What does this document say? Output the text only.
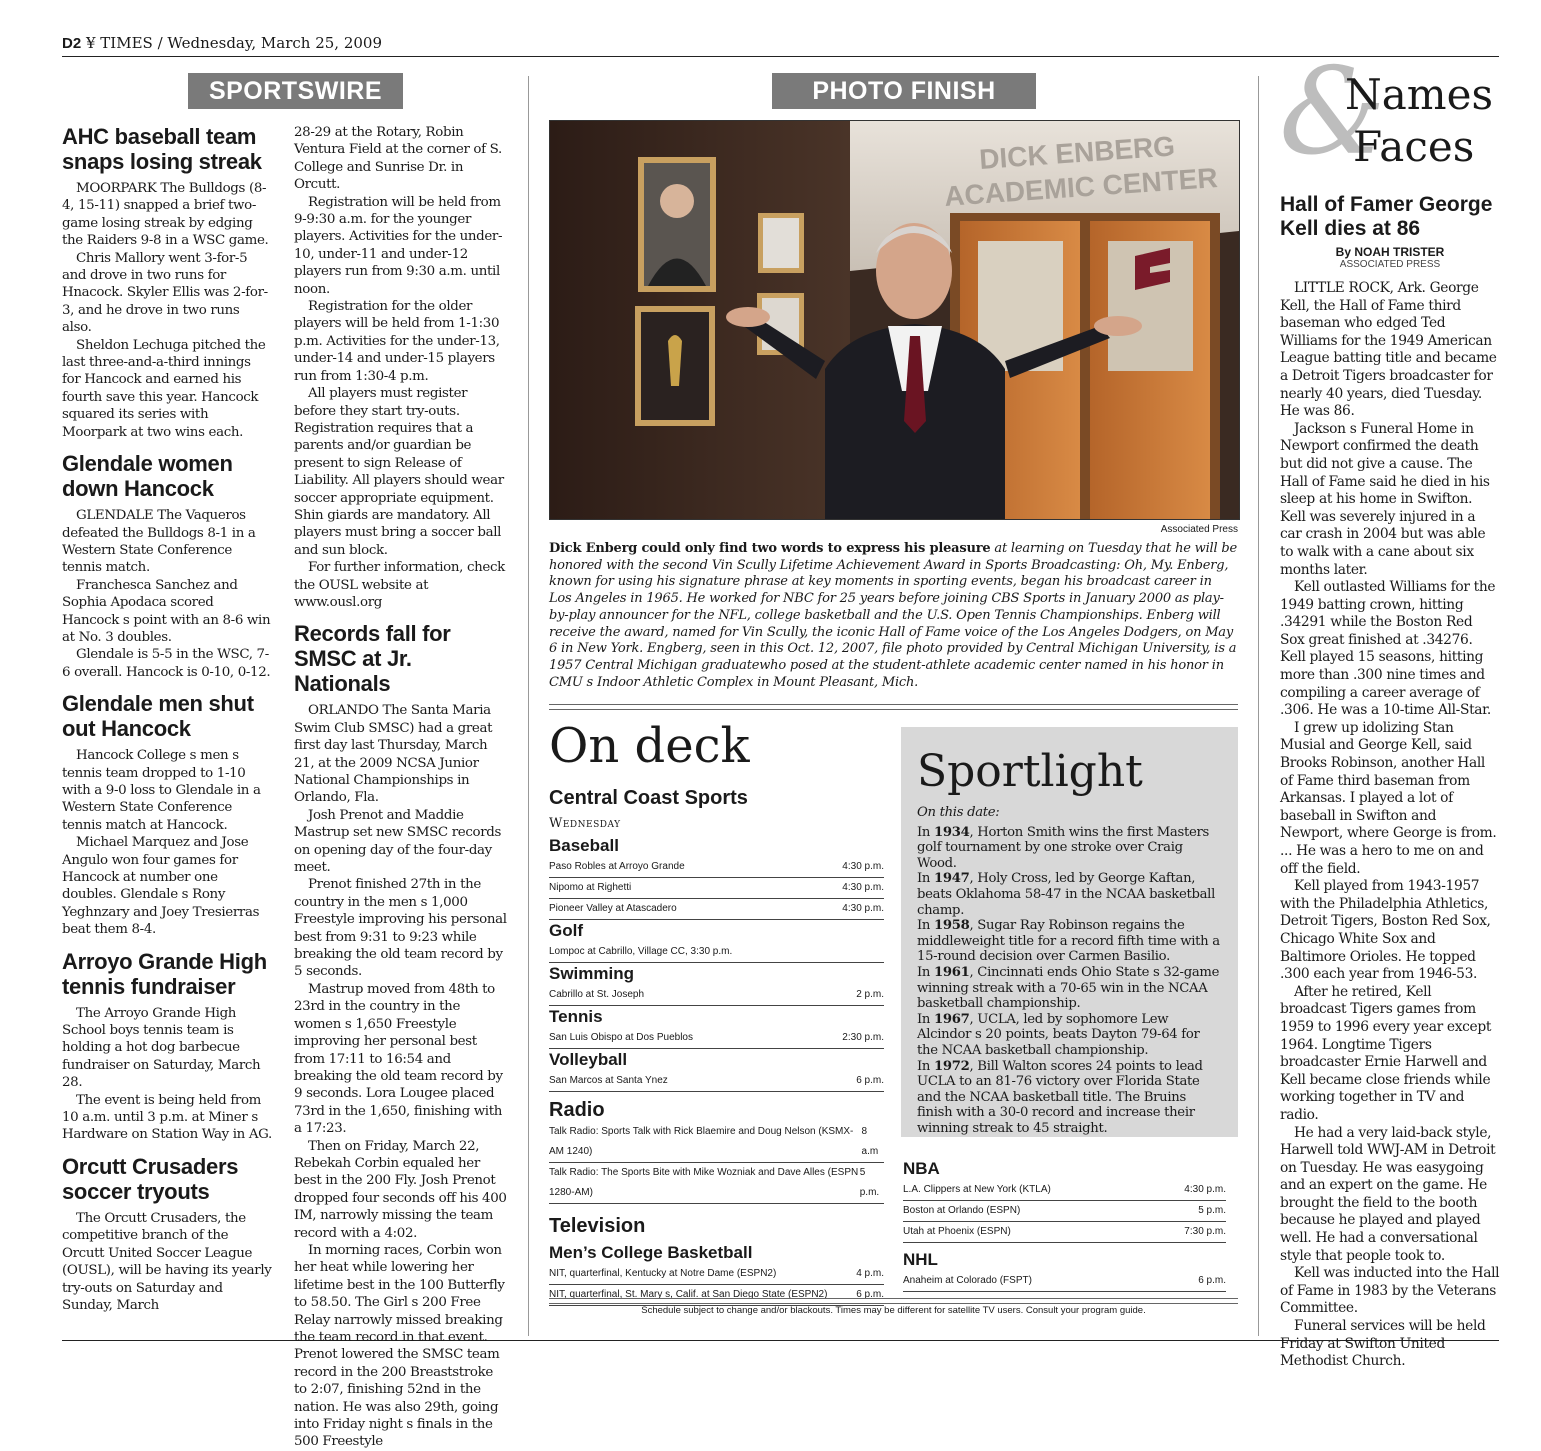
D2 ¥ TIMES / Wednesday, March 25, 2009
SPORTSWIRE
AHC baseball team snaps losing streak

MOORPARK The Bulldogs (8-4, 15-11) snapped a brief two-game losing streak by edging the Raiders 9-8 in a WSC game.

Chris Mallory went 3-for-5 and drove in two runs for Hnacock. Skyler Ellis was 2-for-3, and he drove in two runs also.

Sheldon Lechuga pitched the last three-and-a-third innings for Hancock and earned his fourth save this year. Hancock squared its series with Moorpark at two wins each.

Glendale women down Hancock

GLENDALE The Vaqueros defeated the Bulldogs 8-1 in a Western State Conference tennis match.

Franchesca Sanchez and Sophia Apodaca scored Hancock s point with an 8-6 win at No. 3 doubles.

Glendale is 5-5 in the WSC, 7-6 overall. Hancock is 0-10, 0-12.

Glendale men shut out Hancock

Hancock College s men s tennis team dropped to 1-10 with a 9-0 loss to Glendale in a Western State Conference tennis match at Hancock.

Michael Marquez and Jose Angulo won four games for Hancock at number one doubles. Glendale s Rony Yeghnzary and Joey Tresierras beat them 8-4.

Arroyo Grande High tennis fundraiser

The Arroyo Grande High School boys tennis team is holding a hot dog barbecue fundraiser on Saturday, March 28.

The event is being held from 10 a.m. until 3 p.m. at Miner s Hardware on Station Way in AG.

Orcutt Crusaders soccer tryouts

The Orcutt Crusaders, the competitive branch of the Orcutt United Soccer League (OUSL), will be having its yearly try-outs on Saturday and Sunday, March

28-29 at the Rotary, Robin Ventura Field at the corner of S. College and Sunrise Dr. in Orcutt.

Registration will be held from 9-9:30 a.m. for the younger players. Activities for the under-10, under-11 and under-12 players run from 9:30 a.m. until noon.

Registration for the older players will be held from 1-1:30 p.m. Activities for the under-13, under-14 and under-15 players run from 1:30-4 p.m.

All players must register before they start try-outs. Registration requires that a parents and/or guardian be present to sign Release of Liability. All players should wear soccer appropriate equipment. Shin giards are mandatory. All players must bring a soccer ball and sun block.

For further information, check the OUSL website at www.ousl.org

Records fall for SMSC at Jr. Nationals

ORLANDO The Santa Maria Swim Club SMSC) had a great first day last Thursday, March 21, at the 2009 NCSA Junior National Championships in Orlando, Fla.

Josh Prenot and Maddie Mastrup set new SMSC records on opening day of the four-day meet.

Prenot finished 27th in the country in the men s 1,000 Freestyle improving his personal best from 9:31 to 9:23 while breaking the old team record by 5 seconds.

Mastrup moved from 48th to 23rd in the country in the women s 1,650 Freestyle improving her personal best from 17:11 to 16:54 and breaking the old team record by 9 seconds. Lora Lougee placed 73rd in the 1,650, finishing with a 17:23.

Then on Friday, March 22, Rebekah Corbin equaled her best in the 200 Fly. Josh Prenot dropped four seconds off his 400 IM, narrowly missing the team record with a 4:02.

In morning races, Corbin won her heat while lowering her lifetime best in the 100 Butterfly to 58.50. The Girl s 200 Free Relay narrowly missed breaking the team record in that event. Prenot lowered the SMSC team record in the 200 Breaststroke to 2:07, finishing 52nd in the nation. He was also 29th, going into Friday night s finals in the 500 Freestyle

PHOTO FINISH
DICK ENBERG
ACADEMIC CENTER
Associated Press
Dick Enberg could only find two words to express his pleasure at learning on Tuesday that he will be honored with the second Vin Scully Lifetime Achievement Award in Sports Broadcasting: Oh, My. Enberg, known for using his signature phrase at key moments in sporting events, began his broadcast career in Los Angeles in 1965. He worked for NBC for 25 years before joining CBS Sports in January 2000 as play-by-play announcer for the NFL, college basketball and the U.S. Open Tennis Championships. Enberg will receive the award, named for Vin Scully, the iconic Hall of Fame voice of the Los Angeles Dodgers, on May 6 in New York. Engberg, seen in this Oct. 12, 2007, file photo provided by Central Michigan University, is a 1957 Central Michigan graduatewho posed at the student-athlete academic center named in his honor in CMU s Indoor Athletic Complex in Mount Pleasant, Mich.
On deck
Central Coast Sports
Wednesday
Baseball
Paso Robles at Arroyo Grande	4:30 p.m.
Nipomo at Righetti	4:30 p.m.
Pioneer Valley at Atascadero	4:30 p.m.
Golf
Lompoc at Cabrillo, Village CC, 3:30 p.m.
Swimming
Cabrillo at St. Joseph	2 p.m.
Tennis
San Luis Obispo at Dos Pueblos	2:30 p.m.
Volleyball
San Marcos at Santa Ynez	6 p.m.
Radio
Talk Radio: Sports Talk with Rick Blaemire and Doug Nelson (KSMX-AM 1240)
8 a.m
Talk Radio: The Sports Bite with Mike Wozniak and Dave Alles (ESPN 1280-AM)
5 p.m.
Television
Men’s College Basketball
NIT, quarterfinal, Kentucky at Notre Dame (ESPN2)	4 p.m.
NIT, quarterfinal, St. Mary s, Calif. at San Diego State (ESPN2)	6 p.m.
Sportlight
On this date:
In 1934, Horton Smith wins the first Masters golf tournament by one stroke over Craig Wood.
In 1947, Holy Cross, led by George Kaftan, beats Oklahoma 58-47 in the NCAA basketball champ.
In 1958, Sugar Ray Robinson regains the middleweight title for a record fifth time with a 15-round decision over Carmen Basilio.
In 1961, Cincinnati ends Ohio State s 32-game winning streak with a 70-65 win in the NCAA basketball championship.
In 1967, UCLA, led by sophomore Lew Alcindor s 20 points, beats Dayton 79-64 for the NCAA basketball championship.
In 1972, Bill Walton scores 24 points to lead UCLA to an 81-76 victory over Florida State and the NCAA basketball title. The Bruins finish with a 30-0 record and increase their winning streak to 45 straight.
NBA
L.A. Clippers at New York (KTLA)	4:30 p.m.
Boston at Orlando (ESPN)	5 p.m.
Utah at Phoenix (ESPN)	7:30 p.m.
NHL
Anaheim at Colorado (FSPT)	6 p.m.
Schedule subject to change and/or blackouts. Times may be different for satellite TV users. Consult your program guide.
&
Names
Faces
Hall of Famer George Kell dies at 86
By NOAH TRISTER
ASSOCIATED PRESS

LITTLE ROCK, Ark. George Kell, the Hall of Fame third baseman who edged Ted Williams for the 1949 American League batting title and became a Detroit Tigers broadcaster for nearly 40 years, died Tuesday. He was 86.

Jackson s Funeral Home in Newport confirmed the death but did not give a cause. The Hall of Fame said he died in his sleep at his home in Swifton. Kell was severely injured in a car crash in 2004 but was able to walk with a cane about six months later.

Kell outlasted Williams for the 1949 batting crown, hitting .34291 while the Boston Red Sox great finished at .34276. Kell played 15 seasons, hitting more than .300 nine times and compiling a career average of .306. He was a 10-time All-Star.

I grew up idolizing Stan Musial and George Kell, said Brooks Robinson, another Hall of Fame third baseman from Arkansas. I played a lot of baseball in Swifton and Newport, where George is from. ... He was a hero to me on and off the field.

Kell played from 1943-1957 with the Philadelphia Athletics, Detroit Tigers, Boston Red Sox, Chicago White Sox and Baltimore Orioles. He topped .300 each year from 1946-53.

After he retired, Kell broadcast Tigers games from 1959 to 1996 every year except 1964. Longtime Tigers broadcaster Ernie Harwell and Kell became close friends while working together in TV and radio.

He had a very laid-back style, Harwell told WWJ-AM in Detroit on Tuesday. He was easygoing and an expert on the game. He brought the field to the booth because he played and played well. He had a conversational style that people took to.

Kell was inducted into the Hall of Fame in 1983 by the Veterans Committee.

Funeral services will be held Friday at Swifton United Methodist Church.
